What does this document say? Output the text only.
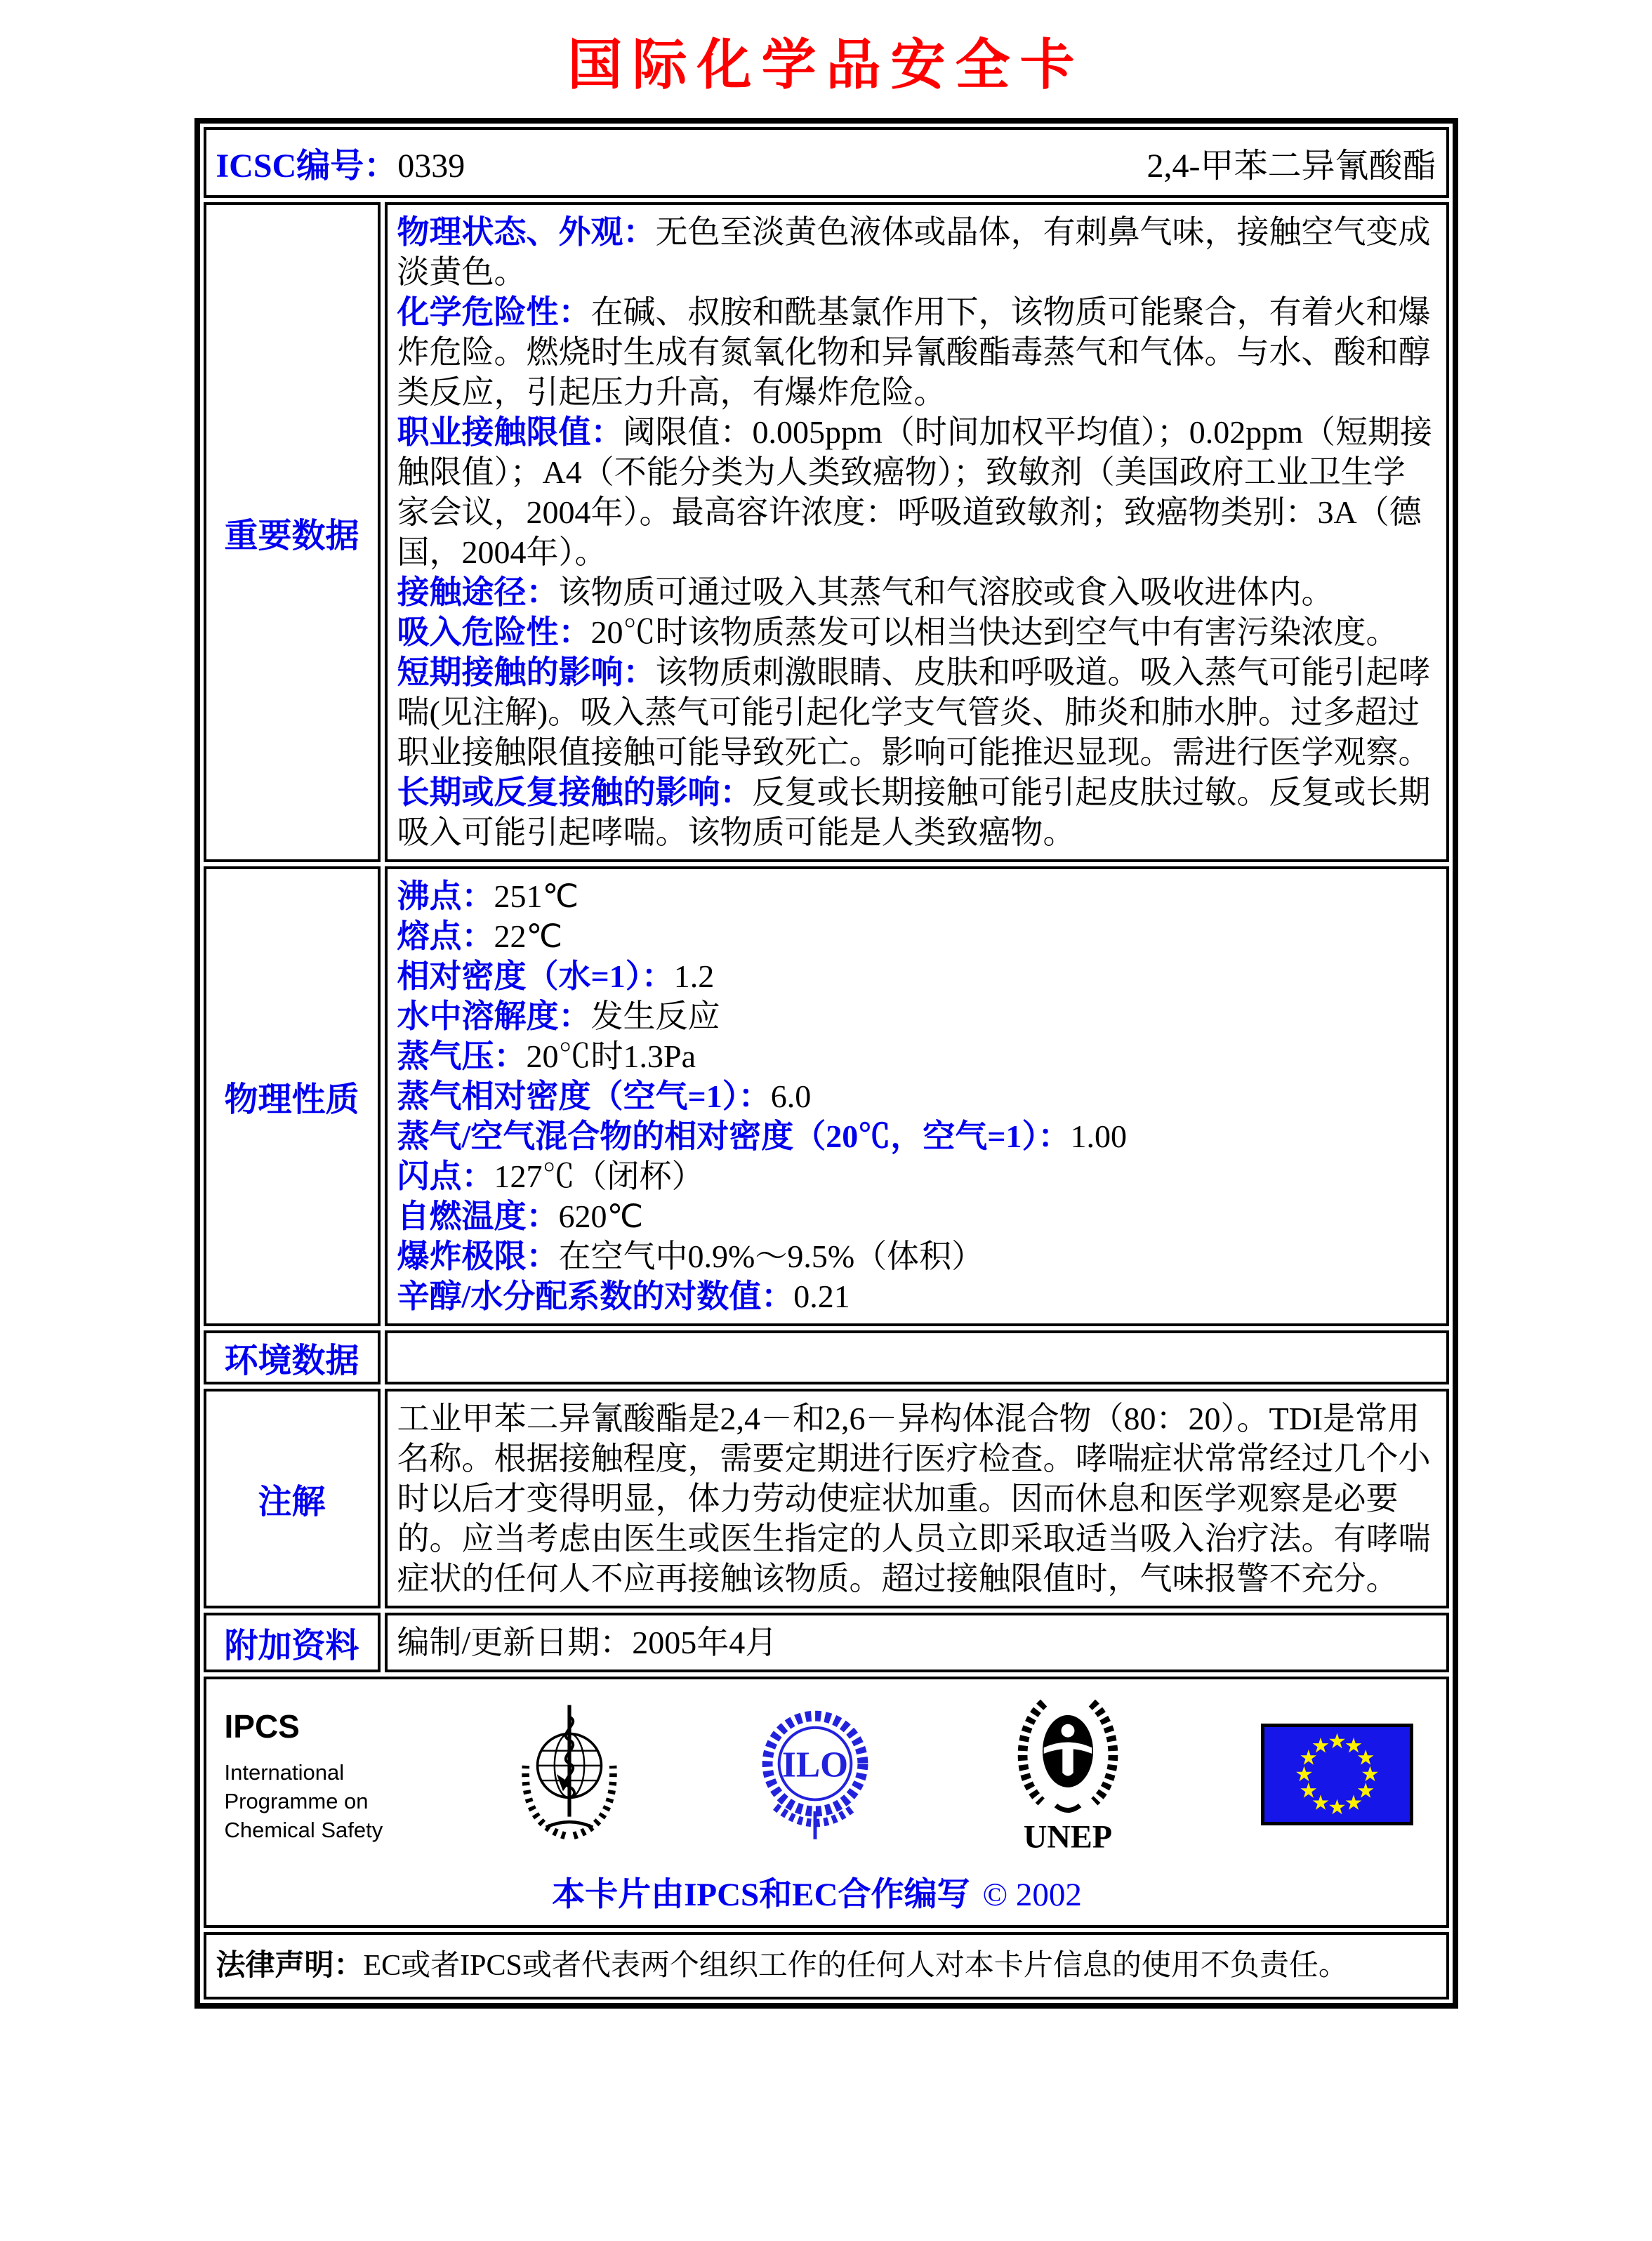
国际化学品安全卡
ICSC编号：0339	2,4-甲苯二异氰酸酯
重要数据
物理状态、外观：无色至淡黄色液体或晶体，有刺鼻气味，接触空气变成淡黄色。
化学危险性：在碱、叔胺和酰基氯作用下，该物质可能聚合，有着火和爆炸危险。燃烧时生成有氮氧化物和异氰酸酯毒蒸气和气体。与水、酸和醇类反应，引起压力升高，有爆炸危险。
职业接触限值：阈限值：0.005ppm（时间加权平均值）；0.02ppm（短期接触限值）；A4（不能分类为人类致癌物）；致敏剂（美国政府工业卫生学家会议，2004年）。最高容许浓度：呼吸道致敏剂；致癌物类别：3A（德国，2004年）。
接触途径：该物质可通过吸入其蒸气和气溶胶或食入吸收进体内。
吸入危险性：20℃时该物质蒸发可以相当快达到空气中有害污染浓度。
短期接触的影响：该物质刺激眼睛、皮肤和呼吸道。吸入蒸气可能引起哮喘(见注解)。吸入蒸气可能引起化学支气管炎、肺炎和肺水肿。过多超过职业接触限值接触可能导致死亡。影响可能推迟显现。需进行医学观察。
长期或反复接触的影响：反复或长期接触可能引起皮肤过敏。反复或长期吸入可能引起哮喘。该物质可能是人类致癌物。
物理性质
沸点：251℃
熔点：22℃
相对密度（水=1）：1.2
水中溶解度：发生反应
蒸气压：20℃时1.3Pa
蒸气相对密度（空气=1）：6.0
蒸气/空气混合物的相对密度（20℃，空气=1）：1.00
闪点：127℃（闭杯）
自燃温度：620℃
爆炸极限：在空气中0.9%～9.5%（体积）
辛醇/水分配系数的对数值：0.21
环境数据
注解
工业甲苯二异氰酸酯是2,4－和2,6－异构体混合物（80：20）。TDI是常用名称。根据接触程度，需要定期进行医疗检查。哮喘症状常常经过几个小时以后才变得明显，体力劳动使症状加重。因而休息和医学观察是必要的。应当考虑由医生或医生指定的人员立即采取适当吸入治疗法。有哮喘症状的任何人不应再接触该物质。超过接触限值时，气味报警不充分。
附加资料	编制/更新日期：2005年4月
IPCS
International
Programme on
Chemical Safety
ILO
UNEP
本卡片由IPCS和EC合作编写 © 2002
法律声明：EC或者IPCS或者代表两个组织工作的任何人对本卡片信息的使用不负责任。
